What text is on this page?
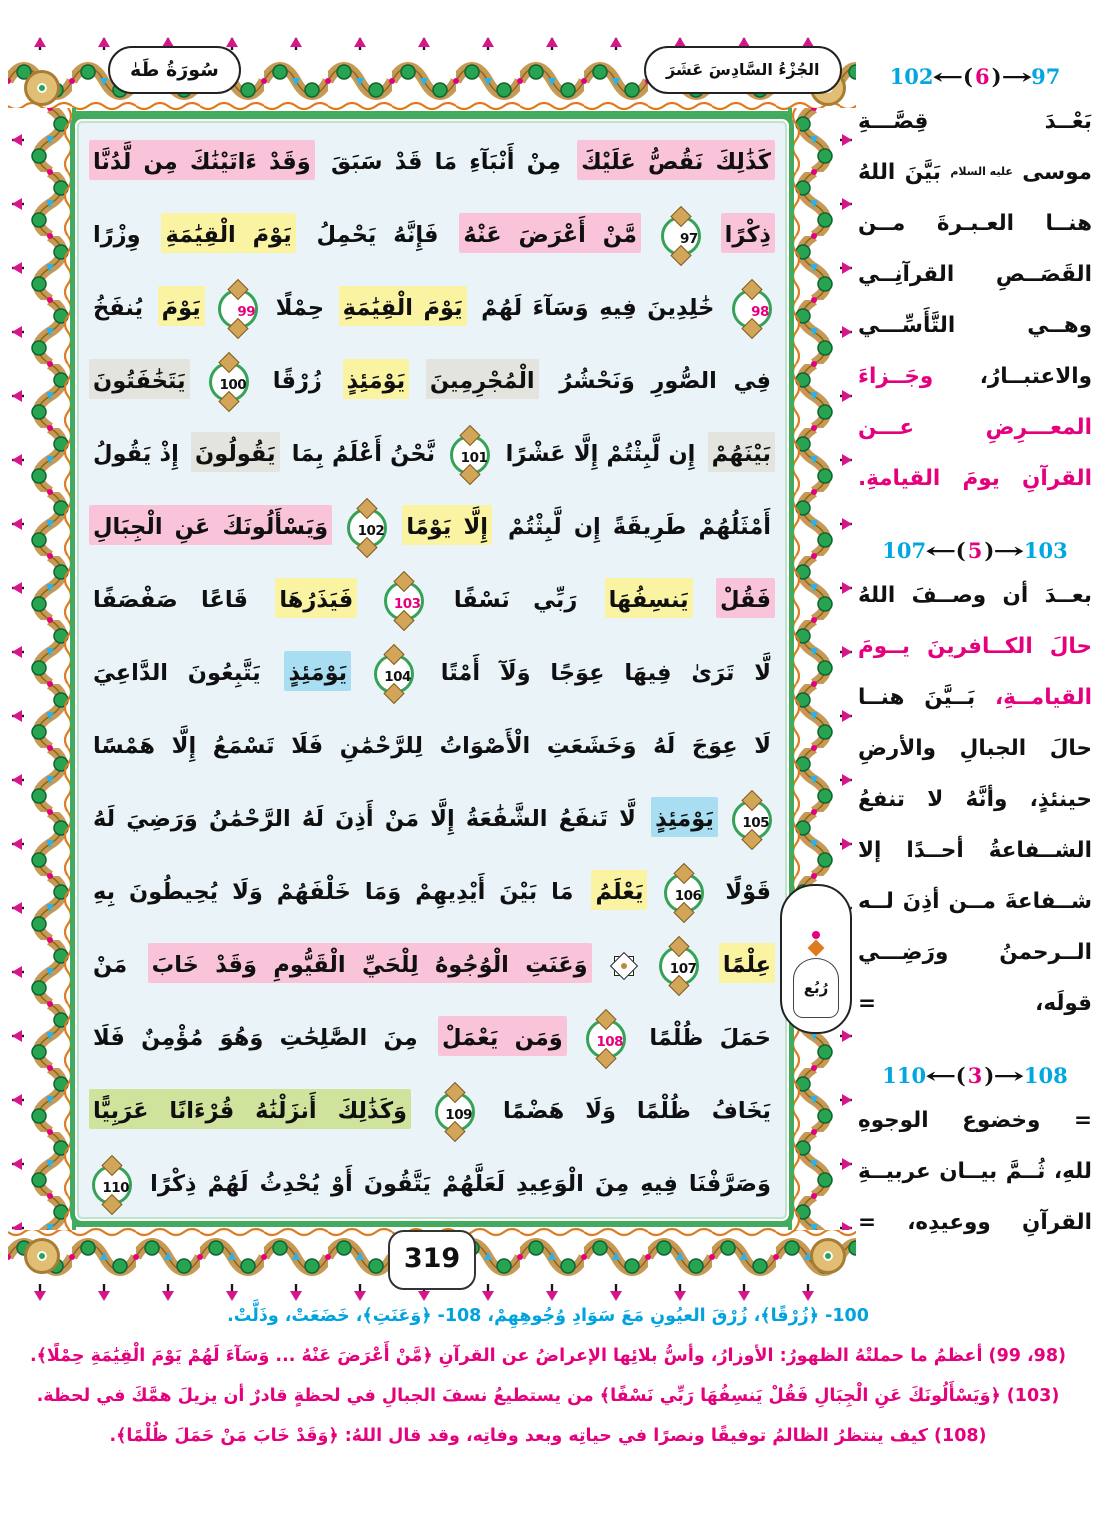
سُورَةُ طَهٰ	الجُزْءُ السَّادِسَ عَشَرَ
كَذَٰلِكَ نَقُصُّ عَلَيْكَ مِنْ أَنْبَآءِ مَا قَدْ سَبَقَ وَقَدْ ءَاتَيْنَٰكَ مِن لَّدُنَّا
ذِكْرًا 97 مَّنْ أَعْرَضَ عَنْهُ فَإِنَّهُ يَحْمِلُ يَوْمَ الْقِيَٰمَةِ وِزْرًا
98 خَٰلِدِينَ فِيهِ وَسَآءَ لَهُمْ يَوْمَ الْقِيَٰمَةِ حِمْلًا 99 يَوْمَ يُنفَخُ
فِي الصُّورِ وَنَحْشُرُ الْمُجْرِمِينَ يَوْمَئِذٍ زُرْقًا 100 يَتَخَٰفَتُونَ
بَيْنَهُمْ إِن لَّبِثْتُمْ إِلَّا عَشْرًا 101 نَّحْنُ أَعْلَمُ بِمَا يَقُولُونَ إِذْ يَقُولُ
أَمْثَلُهُمْ طَرِيقَةً إِن لَّبِثْتُمْ إِلَّا يَوْمًا 102 وَيَسْأَلُونَكَ عَنِ الْجِبَالِ
فَقُلْ يَنسِفُهَا رَبِّي نَسْفًا 103 فَيَذَرُهَا قَاعًا صَفْصَفًا
لَّا تَرَىٰ فِيهَا عِوَجًا وَلَآ أَمْتًا 104 يَوْمَئِذٍ يَتَّبِعُونَ الدَّاعِيَ
لَا عِوَجَ لَهُ وَخَشَعَتِ الْأَصْوَاتُ لِلرَّحْمَٰنِ فَلَا تَسْمَعُ إِلَّا هَمْسًا
105 يَوْمَئِذٍ لَّا تَنفَعُ الشَّفَٰعَةُ إِلَّا مَنْ أَذِنَ لَهُ الرَّحْمَٰنُ وَرَضِيَ لَهُ
قَوْلًا 106 يَعْلَمُ مَا بَيْنَ أَيْدِيهِمْ وَمَا خَلْفَهُمْ وَلَا يُحِيطُونَ بِهِ
عِلْمًا 107
وَعَنَتِ الْوُجُوهُ لِلْحَيِّ الْقَيُّومِ وَقَدْ خَابَ مَنْ
حَمَلَ ظُلْمًا 108 وَمَن يَعْمَلْ مِنَ الصَّٰلِحَٰتِ وَهُوَ مُؤْمِنٌ فَلَا
يَخَافُ ظُلْمًا وَلَا هَضْمًا 109 وَكَذَٰلِكَ أَنزَلْنَٰهُ قُرْءَانًا عَرَبِيًّا
وَصَرَّفْنَا فِيهِ مِنَ الْوَعِيدِ لَعَلَّهُمْ يَتَّقُونَ أَوْ يُحْدِثُ لَهُمْ ذِكْرًا 110
رُبُع
319
102
←
( 6 )
→
97
بَعْــدَ قِصَّـــةِ
موسى عليه السلام بَيَّنَ اللهُ
هنــا العـبـرةَ مــن
القَصَــصِ القرآنِــي
وهــي التَّأَسِّـــي
والاعتبــارُ، وجَــزاءَ
المعـــرِضِ عـــن
القرآنِ يومَ القيامةِ.
107
←
( 5 )
→
103
بعــدَ أن وصــفَ اللهُ
حالَ الكــافرينَ يــومَ
القيامــةِ، بَــيَّنَ هنــا
حالَ الجبالِ والأرضِ
حينئذٍ، وأنَّهُ لا تنفعُ
الشــفاعةُ أحــدًا إلا
شــفاعةَ مــن أذِنَ لــه
الــرحمنُ ورَضِـــي
قولَه، =
110
←
( 3 )
→
108
= وخضوع الوجوهِ
للهِ، ثُــمَّ بيــان عربيــةِ
القرآنِ ووعيدِه، =
100- ﴿زُرْقًا﴾، زُرْقَ العيُونِ مَعَ سَوَادِ وُجُوهِهِمْ، 108- ﴿وَعَنَتِ﴾، خَضَعَتْ، وذَلَّتْ.
(98، 99) أعظمُ ما حملتْهُ الظهورُ: الأوزارُ، وأسُّ بلائِها الإعراضُ عن القرآنِ ﴿مَّنْ أَعْرَضَ عَنْهُ ... وَسَآءَ لَهُمْ يَوْمَ الْقِيَٰمَةِ حِمْلًا﴾.
(103) ﴿وَيَسْأَلُونَكَ عَنِ الْجِبَالِ فَقُلْ يَنسِفُهَا رَبِّي نَسْفًا﴾ من يستطيعُ نسفَ الجبالِ في لحظةٍ قادرٌ أن يزيلَ همَّكَ في لحظة.
(108) كيف ينتظرُ الظالمُ توفيقًا ونصرًا في حياتِه وبعد وفاتِه، وقد قال اللهُ: ﴿وَقَدْ خَابَ مَنْ حَمَلَ ظُلْمًا﴾.
